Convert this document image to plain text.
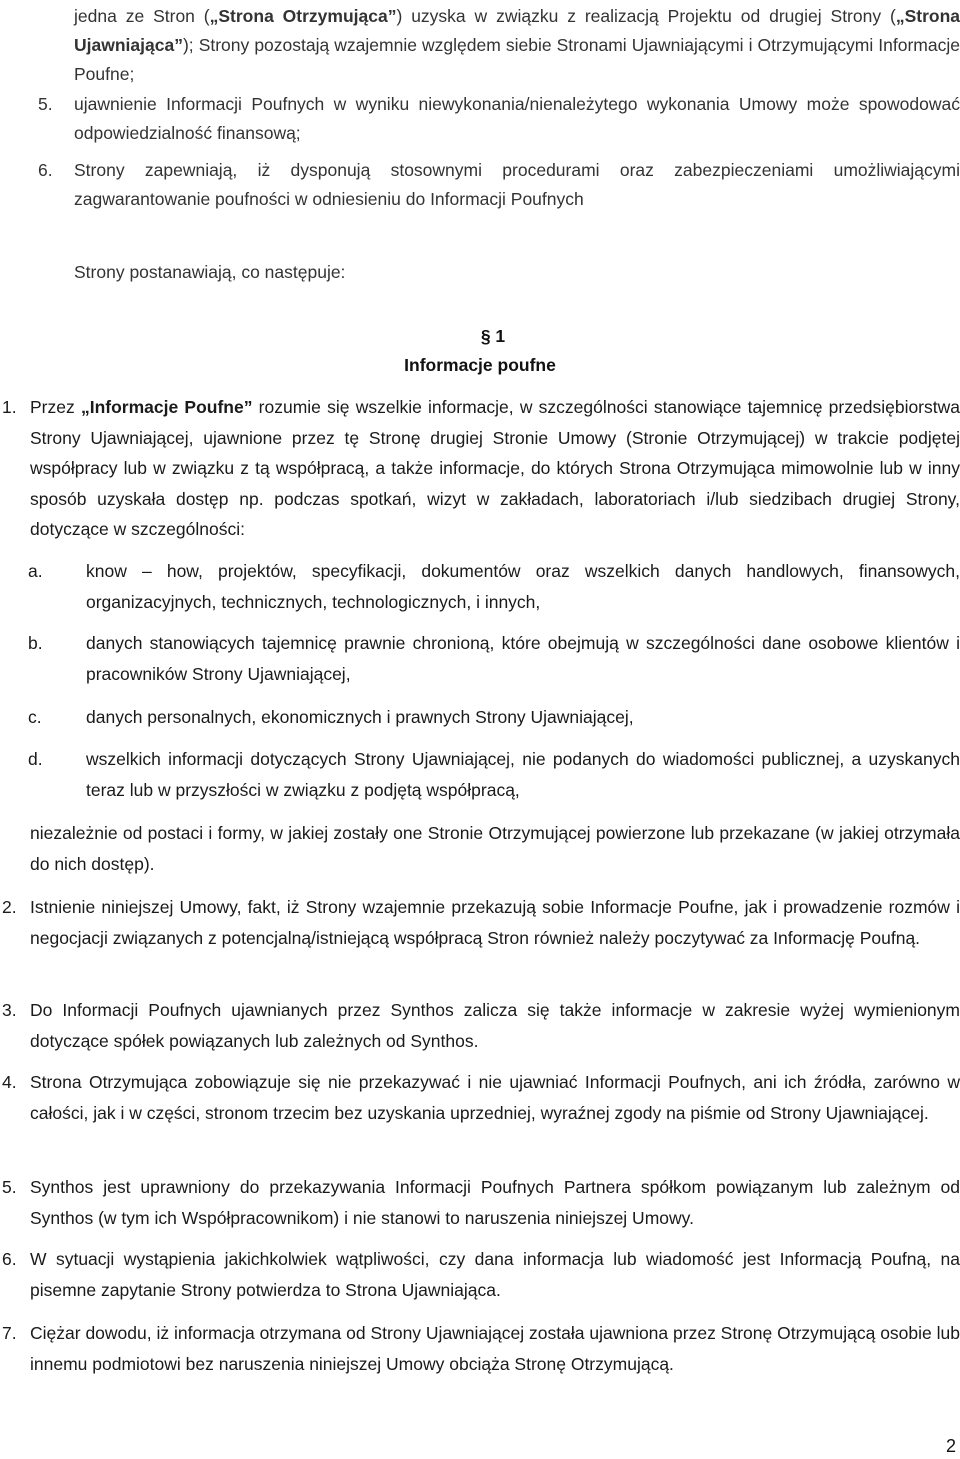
jedna ze Stron („Strona Otrzymująca”) uzyska w związku z realizacją Projektu od drugiej Strony („Strona Ujawniająca”); Strony pozostają wzajemnie względem siebie Stronami Ujawniającymi i Otrzymującymi Informacje Poufne;
5.	ujawnienie Informacji Poufnych w wyniku niewykonania/nienależytego wykonania Umowy może spowodować odpowiedzialność finansową;
6.	Strony zapewniają, iż dysponują stosownymi procedurami oraz zabezpieczeniami umożliwiającymi zagwarantowanie poufności w odniesieniu do Informacji Poufnych
Strony postanawiają, co następuje:
§ 1
Informacje poufne
1. Przez „Informacje Poufne” rozumie się wszelkie informacje, w szczególności stanowiące tajemnicę przedsiębiorstwa Strony Ujawniającej, ujawnione przez tę Stronę drugiej Stronie Umowy (Stronie Otrzymującej) w trakcie podjętej współpracy lub w związku z tą współpracą, a także informacje, do których Strona Otrzymująca mimowolnie lub w inny sposób uzyskała dostęp np. podczas spotkań, wizyt w zakładach, laboratoriach i/lub siedzibach drugiej Strony, dotyczące w szczególności:
a.	know – how, projektów, specyfikacji, dokumentów oraz wszelkich danych handlowych, finansowych, organizacyjnych, technicznych, technologicznych, i innych,
b.	danych stanowiących tajemnicę prawnie chronioną, które obejmują w szczególności dane osobowe klientów i pracowników Strony Ujawniającej,
c.	danych personalnych, ekonomicznych i prawnych Strony Ujawniającej,
d.	wszelkich informacji dotyczących Strony Ujawniającej, nie podanych do wiadomości publicznej, a uzyskanych teraz lub w przyszłości w związku z podjętą współpracą,
niezależnie od postaci i formy, w jakiej zostały one Stronie Otrzymującej powierzone lub przekazane (w jakiej otrzymała do nich dostęp).
2. Istnienie niniejszej Umowy, fakt, iż Strony wzajemnie przekazują sobie Informacje Poufne, jak i prowadzenie rozmów i negocjacji związanych z potencjalną/istniejącą współpracą Stron również należy poczytywać za Informację Poufną.
3. Do Informacji Poufnych ujawnianych przez Synthos zalicza się także informacje w zakresie wyżej wymienionym dotyczące spółek powiązanych lub zależnych od Synthos.
4. Strona Otrzymująca zobowiązuje się nie przekazywać i nie ujawniać Informacji Poufnych, ani ich źródła, zarówno w całości, jak i w części, stronom trzecim bez uzyskania uprzedniej, wyraźnej zgody na piśmie od Strony Ujawniającej.
5. Synthos jest uprawniony do przekazywania Informacji Poufnych Partnera spółkom powiązanym lub zależnym od Synthos (w tym ich Współpracownikom) i nie stanowi to naruszenia niniejszej Umowy.
6. W sytuacji wystąpienia jakichkolwiek wątpliwości, czy dana informacja lub wiadomość jest Informacją Poufną, na pisemne zapytanie Strony potwierdza to Strona Ujawniająca.
7. Ciężar dowodu, iż informacja otrzymana od Strony Ujawniającej została ujawniona przez Stronę Otrzymującą osobie lub innemu podmiotowi bez naruszenia niniejszej Umowy obciąża Stronę Otrzymującą.
2
